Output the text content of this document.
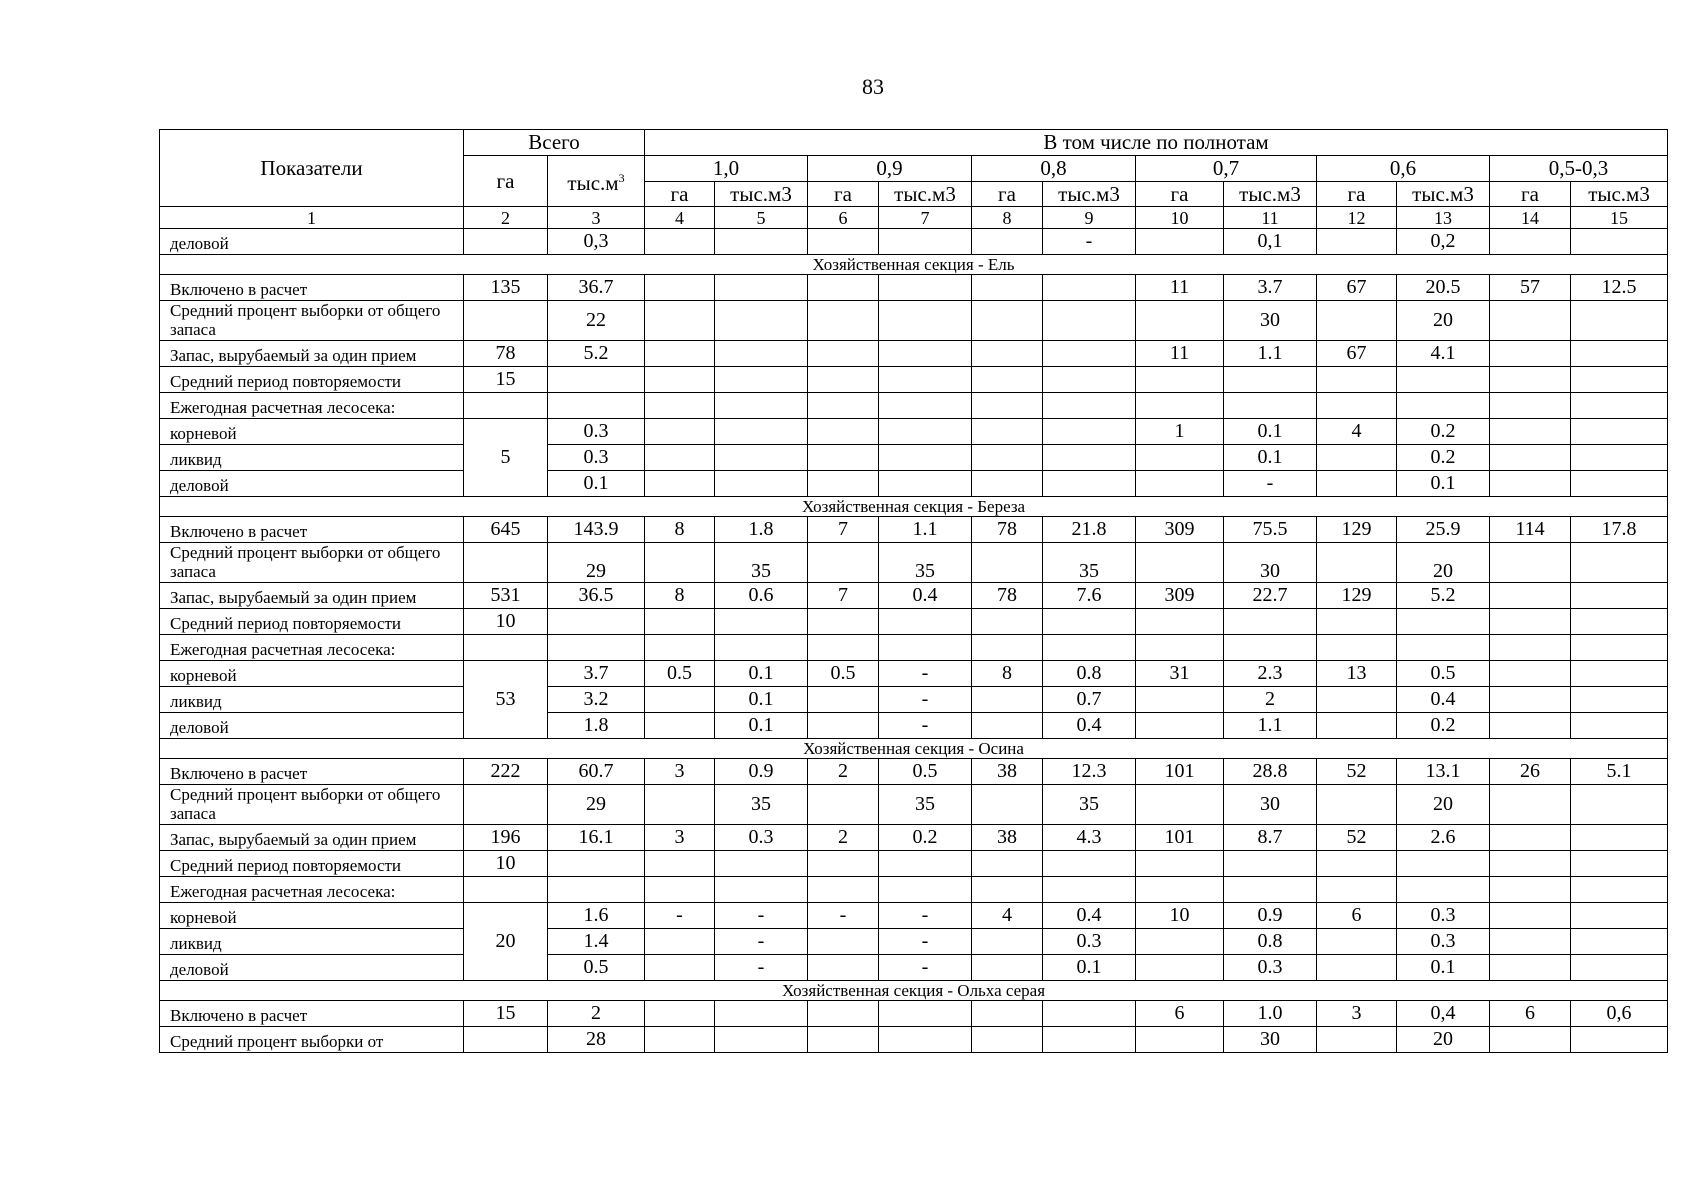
83
Показатели	Всего		В том числе по полнотам											
	га	$тыс.м^3$	1,0		0,9		0,8		0,7		0,6		0,5-0,3	
			га	тыс.м3	га	тыс.м3	га	тыс.м3	га	тыс.м3	га	тыс.м3	га	тыс.м3
1	2	3	4	5	6	7	8	9	10	11	12	13	14	15
деловой		0,3						-		0,1		0,2		
Хозяйственная секция - Ель														
Включено в расчет	135	36.7							11	3.7	67	20.5	57	12.5
Средний процент выборки от общего запаса		22								30		20		
Запас, вырубаемый за один прием	78	5.2							11	1.1	67	4.1		
Средний период повторяемости	15													
Ежегодная расчетная лесосека:														
корневой	5	0.3							1	0.1	4	0.2		
ликвид		0.3								0.1		0.2		
деловой		0.1								-		0.1		
Хозяйственная секция - Береза														
Включено в расчет	645	143.9	8	1.8	7	1.1	78	21.8	309	75.5	129	25.9	114	17.8
Средний процент выборки от общего запаса		29		35		35		35		30		20		
Запас, вырубаемый за один прием	531	36.5	8	0.6	7	0.4	78	7.6	309	22.7	129	5.2		
Средний период повторяемости	10													
Ежегодная расчетная лесосека:														
корневой	53	3.7	0.5	0.1	0.5	-	8	0.8	31	2.3	13	0.5		
ликвид		3.2		0.1		-		0.7		2		0.4		
деловой		1.8		0.1		-		0.4		1.1		0.2		
Хозяйственная секция - Осина														
Включено в расчет	222	60.7	3	0.9	2	0.5	38	12.3	101	28.8	52	13.1	26	5.1
Средний процент выборки от общего запаса		29		35		35		35		30		20		
Запас, вырубаемый за один прием	196	16.1	3	0.3	2	0.2	38	4.3	101	8.7	52	2.6		
Средний период повторяемости	10													
Ежегодная расчетная лесосека:														
корневой	20	1.6	-	-	-	-	4	0.4	10	0.9	6	0.3		
ликвид		1.4		-		-		0.3		0.8		0.3		
деловой		0.5		-		-		0.1		0.3		0.1		
Хозяйственная секция - Ольха серая														
Включено в расчет	15	2							6	1.0	3	0,4	6	0,6
Средний процент выборки от		28								30		20		
